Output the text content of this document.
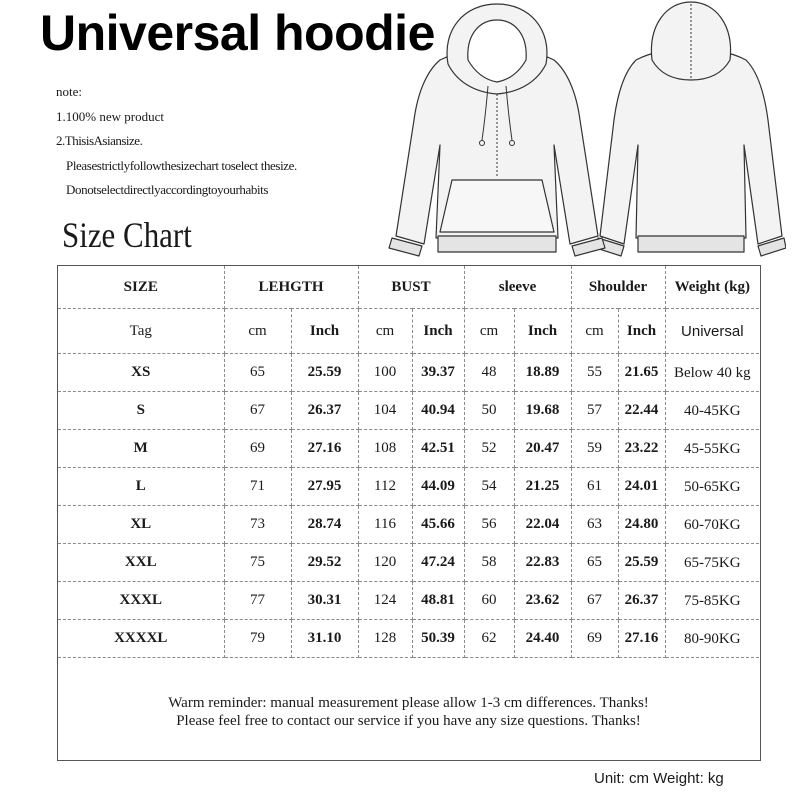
Universal hoodie
note:
1.100% new product
2.ThisisAsiansize.
Pleasestrictlyfollowthesizechart toselect thesize.
Donotselectdirectlyaccordingtoyourhabits
Size Chart
SIZE	LEHGTH		BUST		sleeve		Shoulder		Weight (kg)
Tag	cm	Inch	cm	Inch	cm	Inch	cm	Inch	Universal
XS	65	25.59	100	39.37	48	18.89	55	21.65	Below 40 kg
S	67	26.37	104	40.94	50	19.68	57	22.44	40-45KG
M	69	27.16	108	42.51	52	20.47	59	23.22	45-55KG
L	71	27.95	112	44.09	54	21.25	61	24.01	50-65KG
XL	73	28.74	116	45.66	56	22.04	63	24.80	60-70KG
XXL	75	29.52	120	47.24	58	22.83	65	25.59	65-75KG
XXXL	77	30.31	124	48.81	60	23.62	67	26.37	75-85KG
XXXXL	79	31.10	128	50.39	62	24.40	69	27.16	80-90KG
Warm reminder: manual measurement please allow 1-3 cm differences. Thanks!
Please feel free to contact our service if you have any size questions. Thanks!
Unit: cm Weight: kg
